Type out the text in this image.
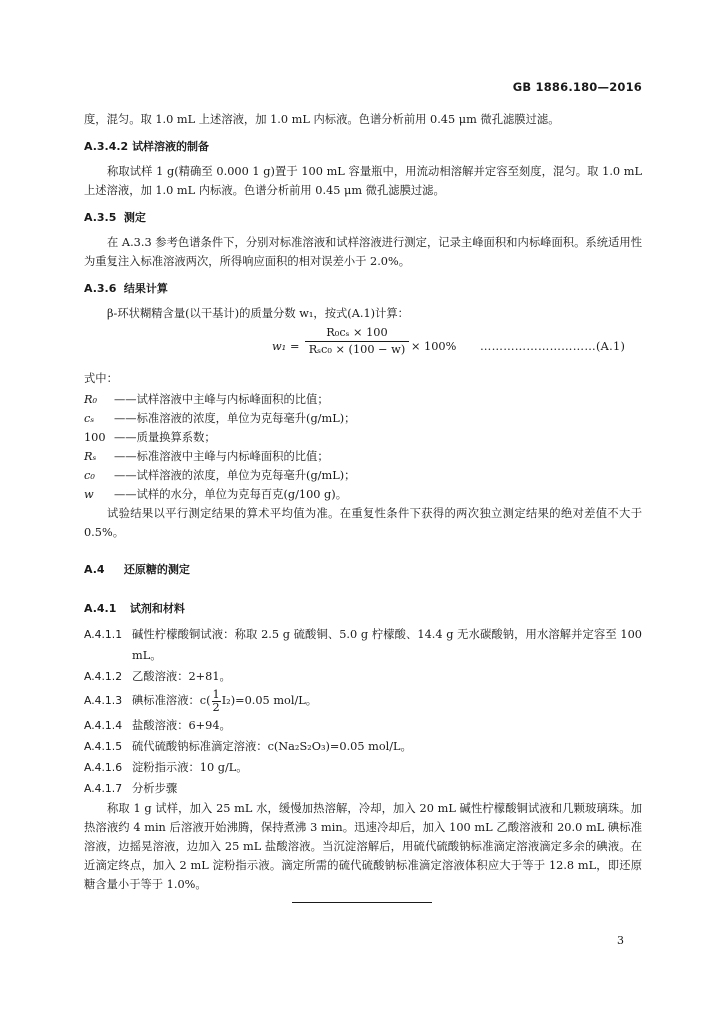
GB 1886.180—2016

度，混匀。取 1.0 mL 上述溶液，加 1.0 mL 内标液。色谱分析前用 0.45 μm 微孔滤膜过滤。

A.3.4.2 试样溶液的制备

称取试样 1 g(精确至 0.000 1 g)置于 100 mL 容量瓶中，用流动相溶解并定容至刻度，混匀。取 1.0 mL上述溶液，加 1.0 mL 内标液。色谱分析前用 0.45 μm 微孔滤膜过滤。

A.3.5 测定

在 A.3.3 参考色谱条件下，分别对标准溶液和试样溶液进行测定，记录主峰面积和内标峰面积。系统适用性为重复注入标准溶液两次，所得响应面积的相对误差小于 2.0%。

A.3.6 结果计算
β-环状糊精含量(以干基计)的质量分数 w₁，按式(A.1)计算：
w₁ =
R₀cₛ × 100
Rₛc₀ × (100 − w) × 100% …………………………(A.1)
式中：
R₀	——试样溶液中主峰与内标峰面积的比值；
cₛ	——标准溶液的浓度，单位为克每毫升(g/mL)；
100 ——质量换算系数；
Rₛ	——标准溶液中主峰与内标峰面积的比值；
c₀	——试样溶液的浓度，单位为克每毫升(g/mL)；
w	——试样的水分，单位为克每百克(g/100 g)。

试验结果以平行测定结果的算术平均值为准。在重复性条件下获得的两次独立测定结果的绝对差值不大于 0.5%。

A.4 还原糖的测定
A.4.1 试剂和材料
A.4.1.1 碱性柠檬酸铜试液：称取 2.5 g 硫酸铜、5.0 g 柠檬酸、14.4 g 无水碳酸钠，用水溶解并定容至 100 mL。
A.4.1.2 乙酸溶液：2+81。
A.4.1.3 碘标准溶液：$c( \frac{1}{2} I_2)=0.05$ mol/L。
A.4.1.4 盐酸溶液：6+94。
A.4.1.5 硫代硫酸钠标准滴定溶液：c(Na₂S₂O₃)=0.05 mol/L。
A.4.1.6 淀粉指示液：10 g/L。
A.4.1.7 分析步骤

称取 1 g 试样，加入 25 mL 水，缓慢加热溶解，冷却，加入 20 mL 碱性柠檬酸铜试液和几颗玻璃珠。加热溶液约 4 min 后溶液开始沸腾，保持煮沸 3 min。迅速冷却后，加入 100 mL 乙酸溶液和 20.0 mL 碘标准溶液，边摇晃溶液，边加入 25 mL 盐酸溶液。当沉淀溶解后，用硫代硫酸钠标准滴定溶液滴定多余的碘液。在近滴定终点，加入 2 mL 淀粉指示液。滴定所需的硫代硫酸钠标准滴定溶液体积应大于等于 12.8 mL，即还原糖含量小于等于 1.0%。

3
